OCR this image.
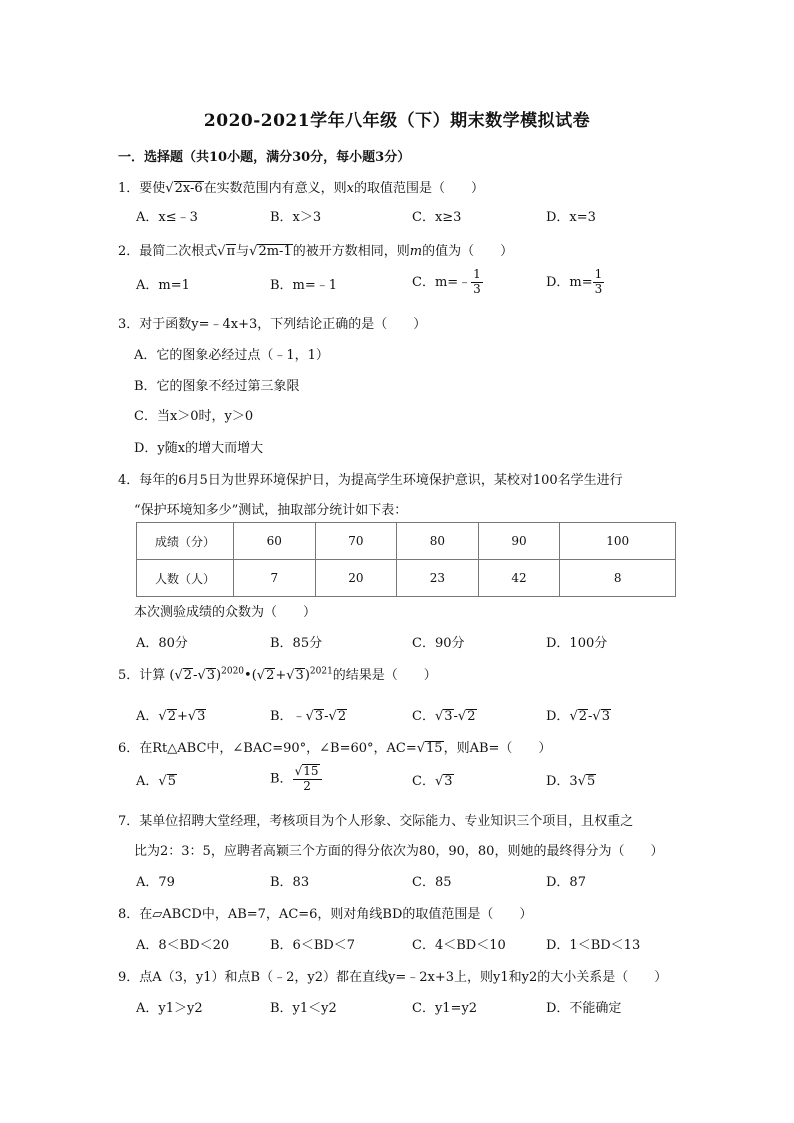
2020-2021学年八年级（下）期末数学模拟试卷
一．选择题（共10小题，满分30分，每小题3分）
1．要使√2x-6在实数范围内有意义，则x的取值范围是（　　）
A．x≤﹣3	B．x＞3	C．x≥3	D．x=3
2．最简二次根式√π与√2m-1的被开方数相同，则m的值为（　　）
A．m=1	B．m=﹣1	C．m=﹣ $\frac{1}{3}$	D．$m= \frac{1}{3}$
3．对于函数y=﹣4x+3，下列结论正确的是（　　）
A．它的图象必经过点（﹣1，1）
B．它的图象不经过第三象限
C．当x＞0时，y＞0
D．y随x的增大而增大
4．每年的6月5日为世界环境保护日，为提高学生环境保护意识，某校对100名学生进行
“保护环境知多少”测试，抽取部分统计如下表：
成绩（分）	60	70	80	90	100
人数（人）	7	20	23	42	8
本次测验成绩的众数为（　　）
A．80分	B．85分	C．90分	D．100分
5．计算 $(√2-√3)^{2020}•(√2+√3)^{2021}$的结果是（　　）
A．√2+√3	B．﹣√3-√2	C．√3-√2	D．√2-√3
6．在Rt△ABC中，∠BAC=90°，∠B=60°，AC=√15，则AB=（　　）
A．√5	B． $\frac{√15}{2}$	C．√3	D．3√5
7．某单位招聘大堂经理，考核项目为个人形象、交际能力、专业知识三个项目，且权重之
比为2：3：5，应聘者高颖三个方面的得分依次为80，90，80，则她的最终得分为（　　）
A．79	B．83	C．85	D．87
8．在▱ABCD中，AB=7，AC=6，则对角线BD的取值范围是（　　）
A．8＜BD＜20	B．6＜BD＜7	C．4＜BD＜10	D．1＜BD＜13
9．点A（3，y1）和点B（﹣2，y2）都在直线y=﹣2x+3上，则y1和y2的大小关系是（　　）
A．y1＞y2	B．y1＜y2	C．y1=y2	D．不能确定
